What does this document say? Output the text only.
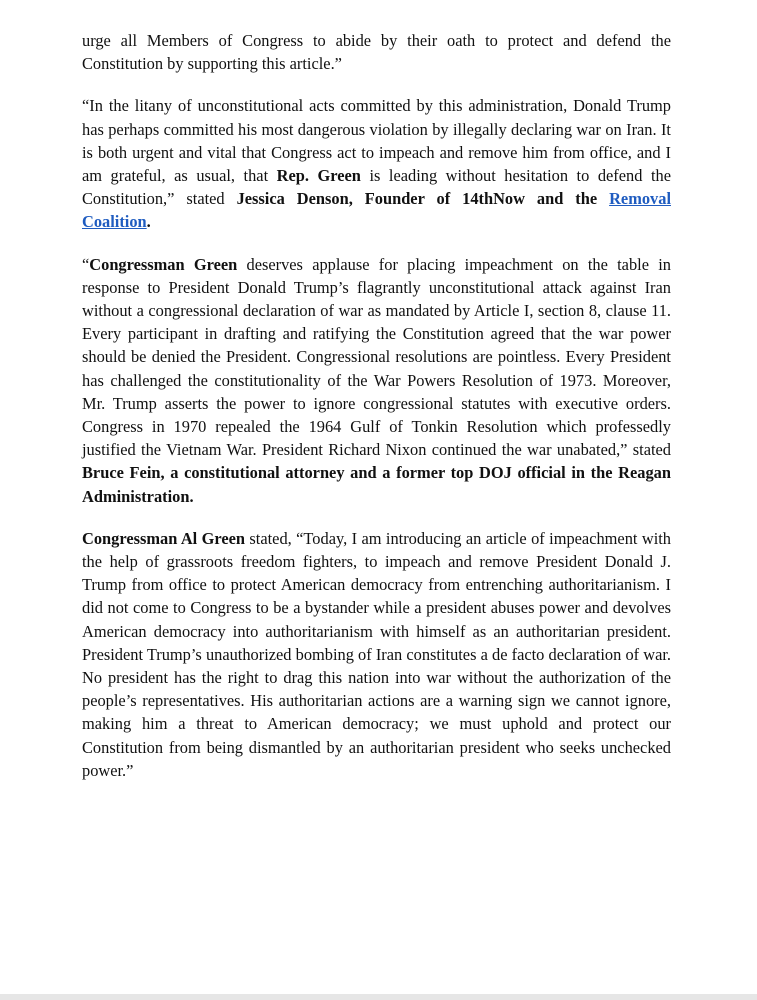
urge all Members of Congress to abide by their oath to protect and defend the Constitution by supporting this article.”

“In the litany of unconstitutional acts committed by this administration, Donald Trump has perhaps committed his most dangerous violation by illegally declaring war on Iran. It is both urgent and vital that Congress act to impeach and remove him from office, and I am grateful, as usual, that Rep. Green is leading without hesitation to defend the Constitution,” stated Jessica Denson, Founder of 14thNow and the Removal Coalition.

“Congressman Green deserves applause for placing impeachment on the table in response to President Donald Trump’s flagrantly unconstitutional attack against Iran without a congressional declaration of war as mandated by Article I, section 8, clause 11. Every participant in drafting and ratifying the Constitution agreed that the war power should be denied the President. Congressional resolutions are pointless. Every President has challenged the constitutionality of the War Powers Resolution of 1973. Moreover, Mr. Trump asserts the power to ignore congressional statutes with executive orders. Congress in 1970 repealed the 1964 Gulf of Tonkin Resolution which professedly justified the Vietnam War. President Richard Nixon continued the war unabated,” stated Bruce Fein, a constitutional attorney and a former top DOJ official in the Reagan Administration.

Congressman Al Green stated, “Today, I am introducing an article of impeachment with the help of grassroots freedom fighters, to impeach and remove President Donald J. Trump from office to protect American democracy from entrenching authoritarianism. I did not come to Congress to be a bystander while a president abuses power and devolves American democracy into authoritarianism with himself as an authoritarian president. President Trump’s unauthorized bombing of Iran constitutes a de facto declaration of war. No president has the right to drag this nation into war without the authorization of the people’s representatives. His authoritarian actions are a warning sign we cannot ignore, making him a threat to American democracy; we must uphold and protect our Constitution from being dismantled by an authoritarian president who seeks unchecked power.”
